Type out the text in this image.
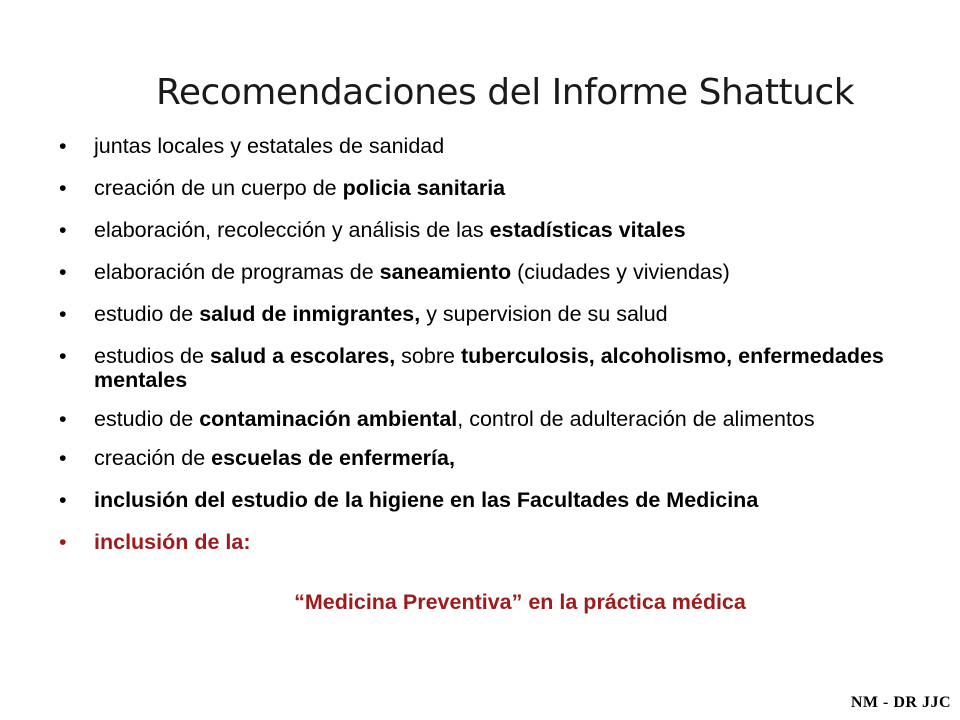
Recomendaciones del Informe Shattuck
• juntas locales y estatales de sanidad
• creación de un cuerpo de policia sanitaria
• elaboración, recolección y análisis de las estadísticas vitales
• elaboración de programas de saneamiento (ciudades y viviendas)
• estudio de salud de inmigrantes, y supervision de su salud
• estudios de salud a escolares, sobre tuberculosis, alcoholismo, enfermedades mentales
• estudio de contaminación ambiental, control de adulteración de alimentos
• creación de escuelas de enfermería,
• inclusión del estudio de la higiene en las Facultades de Medicina
• inclusión de la:

“Medicina Preventiva” en la práctica médica

NM - DR JJC
